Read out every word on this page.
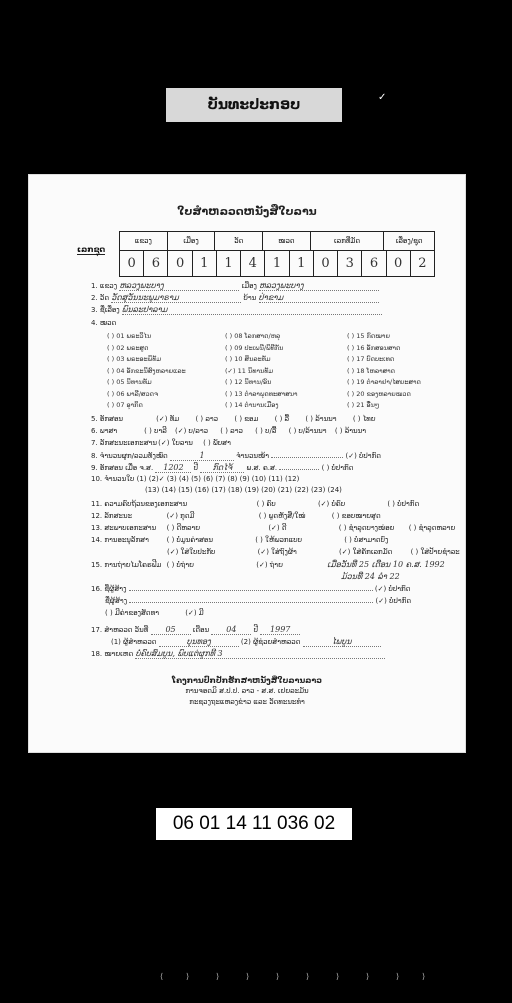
ບັນທະປະກອບ	✓
ໃບສໍາຫລວດຫນັງສືໃບລານ
ເລກຊຸດ
ແຂວງ	ເມືອງ	ວັດ	ໝວດ	ເລກທີ່ມັດ	ເລື່ອງ/ຊຸດ
0	6	0	1	1	4	1	1	0	3	6	0	2
1. ແຂວງ ຫລວງພະບາງ	ເມືອງ ຫລວງພະບາງ
2. ວັດ ວັດສຸວັນນະພູມາຣາມ	ບ້ານ ປ່າຂາມ
3. ຊື່ເລື່ອງ ພົນລະປາລາມ
4. ໝວດ
( ) 01 ພຣະວິໄນ
( ) 02 ພຣະສູດ
( ) 03 ພຣະອະພິທັມ
( ) 04 ອັກຂະນິສົງຫລາຍແລະ
( ) 05 ນິທານທັມ
( ) 06 ພາລີ/ສວດຈ
( ) 07 ອຸາກິດ
( ) 08 ໂລກສາດ/ຫລຸ
( ) 09 ປະເພນີ/ພິທີກັນ
( ) 10 ສິນລະທັມ
(✓) 11 ນິທານທັມ
( ) 12 ນິທານ/ອົນ
( ) 13 ຕໍາລາພຸດທະສາສນາ
( ) 14 ຕໍານານເມືອງ
( ) 15 ກົດໝາຍ
( ) 16 ອັກສອນສາດ
( ) 17 ບົດບະເທດ
( ) 18 ໂຫລາສາດ
( ) 19 ຕໍາລາຢາ/ໄສຍະສາດ
( ) 20 ຂອງຫລາຍໝວດ
( ) 21 ອື່ນໆ
5. ອັກສອນ	(✓) ທັມ ( ) ລາວ ( ) ຂອມ ( ) ລື້ ( ) ລ້ານນາ ( ) ໄທຍ
6. ພາສາ	( ) ບາລີ (✓) ບ/ລາວ ( ) ລາວ ( ) ບ/ລື້ ( ) ບ/ລ້ານນາ ( ) ລ້ານນາ
7. ລັກສະນະເອກະສານ (✓) ໃບລານ ( ) ພັບສາ
8. ຈໍານວນຜູກ/ລວມທັງໝົດ	1	ຈໍານວນໜ້າ	(✓) ບໍ່ປາກົດ
9. ອັກສອນ ເມື່ອ ຈ.ສ. 1202 ປີ ກົດໄຈ້ ພ.ສ. ຄ.ສ.	( ) ບໍ່ປາກົດ
10. ຈໍານວນໃບ (1) (2)✓ (3) (4) (5) (6) (7) (8) (9) (10) (11) (12)
(13) (14) (15) (16) (17) (18) (19) (20) (21) (22) (23) (24)
11. ຄວາມຄົບຖ້ວນຂອງເອກະສານ	( ) ຄົບ	(✓) ບໍ່ຄົບ	( ) ບໍ່ປາກົດ
12. ລັກສະນະ	(✓) ກຸດມີ	( ) ພູດຫັງສື/ໃໝ່	( ) ຂອບໝາຍສູດ
13. ສະພາບເອກະສານ ( ) ດີຫລາຍ	(✓) ດີ	( ) ຊໍາລຸດບາງໜ່ອຍ ( ) ຊໍາລຸດຫລາຍ
14. ການອະນຸລັກສາ	( ) ບໍ່ມູນຄ່າສອນ	( ) ໃຫ້ພວກແບບ	( ) ບໍ່ສາມາດບົງ
(✓) ໃສ່ໃບປະກັບ	(✓) ໃສ່ຖົງຜ້າ	(✓) ໃສ່ຄັກເລກມັດ	( ) ໃສ່ປ້າຍຊໍາລະ
15. ການຖ່າຍໄມໂຄຣຟີມ ( ) ບໍ່ຖ່າຍ	(✓) ຖ່າຍ	ເມື່ອວັນທີ່ 25 ເດືອນ 10 ຄ.ສ. 1992
ມ້ວນທີ່ 24 ລໍາ 22
16. ຊື່ຜູ້ສ້າງ	(✓) ບໍ່ປາກົດ
ຊື່ຜູ້ສ້າງ	(✓) ບໍ່ປາກົດ
( ) ມີຄ່າຂອງສັດທາ	(✓) ມີ
17. ສໍາຫລວດ ວັນທີ່ 05 ເດືອນ 04 ປີ 1997
(1) ຜູ້ສໍາຫລວດ	ບຸນທອງ	(2) ຜູ້ຊ່ວຍສໍາຫລວດ	ໄພບູນ
18. ໝາຍເຫດ ບໍ່ຄົບສົມບູນ, ພົບແຕ່ຜູກທີ 3
ໂຄງການປົກປັກຮັກສາຫນັງສືໃບລານລາວ
ການຈອດມິ ສ.ປ.ປ. ລາວ - ສ.ສ. ເຢຍລະມັນ
ກະຊວງຖະແຫລງຂ່າວ ແລະ ວັດທະນະທໍາ
06 01 14 11 036 02
⟨	⟩	⟩	⟩	⟩	⟩	⟩	⟩	⟩	⟩
